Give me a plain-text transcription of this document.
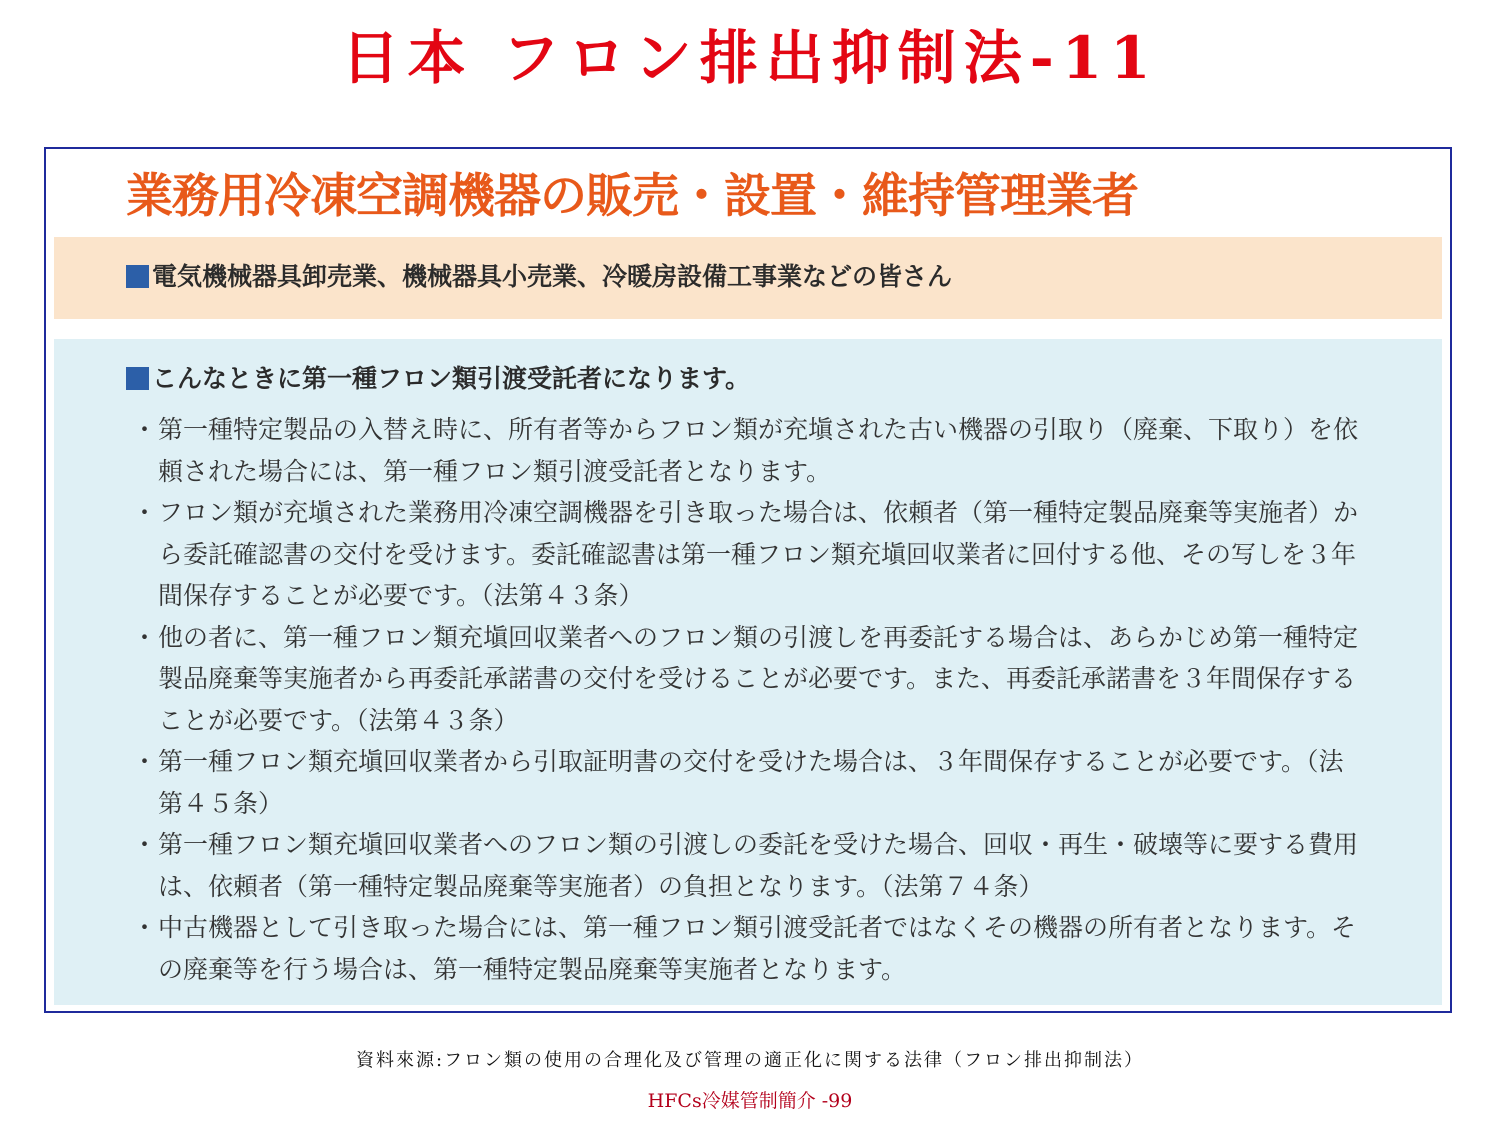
日本 フロン排出抑制法-11
業務用冷凍空調機器の販売・設置・維持管理業者
電気機械器具卸売業、機械器具小売業、冷暖房設備工事業などの皆さん
こんなときに第一種フロン類引渡受託者になります。
・ 第一種特定製品の入替え時に、所有者等からフロン類が充塡された古い機器の引取り（廃棄、下取り）を依頼された場合には、第一種フロン類引渡受託者となります。
・ フロン類が充塡された業務用冷凍空調機器を引き取った場合は、依頼者（第一種特定製品廃棄等実施者）から委託確認書の交付を受けます。委託確認書は第一種フロン類充塡回収業者に回付する他、その写しを３年間保存することが必要です。（法第４３条）
・ 他の者に、第一種フロン類充塡回収業者へのフロン類の引渡しを再委託する場合は、あらかじめ第一種特定製品廃棄等実施者から再委託承諾書の交付を受けることが必要です。また、再委託承諾書を３年間保存することが必要です。（法第４３条）
・ 第一種フロン類充塡回収業者から引取証明書の交付を受けた場合は、３年間保存することが必要です。（法第４５条）
・ 第一種フロン類充塡回収業者へのフロン類の引渡しの委託を受けた場合、回収・再生・破壊等に要する費用は、依頼者（第一種特定製品廃棄等実施者）の負担となります。（法第７４条）
・ 中古機器として引き取った場合には、第一種フロン類引渡受託者ではなくその機器の所有者となります。その廃棄等を行う場合は、第一種特定製品廃棄等実施者となります。
資料來源:フロン類の使用の合理化及び管理の適正化に関する法律（フロン排出抑制法）
HFCs冷媒管制簡介 -99
